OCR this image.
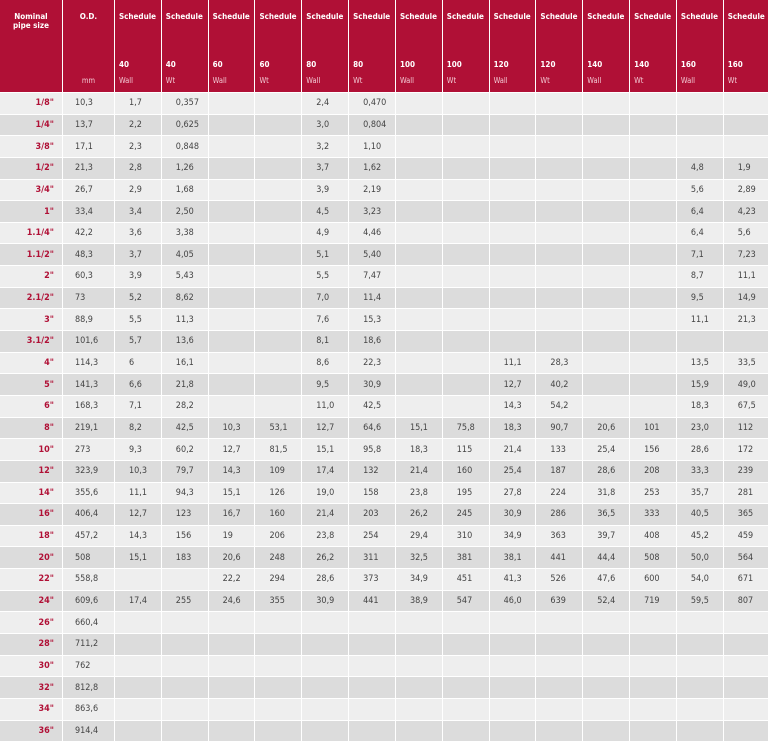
Nominal
pipe size	O.D.	Schedule	Schedule	Schedule	Schedule	Schedule	Schedule	Schedule	Schedule	Schedule	Schedule	Schedule	Schedule	Schedule	Schedule
		40	40	60	60	80	80	100	100	120	120	140	140	160	160
	mm	Wall	Wt	Wall	Wt	Wall	Wt	Wall	Wt	Wall	Wt	Wall	Wt	Wall	Wt
1/8"	10,3	1,7	0,357			2,4	0,470								
1/4"	13,7	2,2	0,625			3,0	0,804								
3/8"	17,1	2,3	0,848			3,2	1,10								
1/2"	21,3	2,8	1,26			3,7	1,62							4,8	1,9
3/4"	26,7	2,9	1,68			3,9	2,19							5,6	2,89
1"	33,4	3,4	2,50			4,5	3,23							6,4	4,23
1.1/4"	42,2	3,6	3,38			4,9	4,46							6,4	5,6
1.1/2"	48,3	3,7	4,05			5,1	5,40							7,1	7,23
2"	60,3	3,9	5,43			5,5	7,47							8,7	11,1
2.1/2"	73	5,2	8,62			7,0	11,4							9,5	14,9
3"	88,9	5,5	11,3			7,6	15,3							11,1	21,3
3.1/2"	101,6	5,7	13,6			8,1	18,6								
4"	114,3	6	16,1			8,6	22,3			11,1	28,3			13,5	33,5
5"	141,3	6,6	21,8			9,5	30,9			12,7	40,2			15,9	49,0
6"	168,3	7,1	28,2			11,0	42,5			14,3	54,2			18,3	67,5
8"	219,1	8,2	42,5	10,3	53,1	12,7	64,6	15,1	75,8	18,3	90,7	20,6	101	23,0	112
10"	273	9,3	60,2	12,7	81,5	15,1	95,8	18,3	115	21,4	133	25,4	156	28,6	172
12"	323,9	10,3	79,7	14,3	109	17,4	132	21,4	160	25,4	187	28,6	208	33,3	239
14"	355,6	11,1	94,3	15,1	126	19,0	158	23,8	195	27,8	224	31,8	253	35,7	281
16"	406,4	12,7	123	16,7	160	21,4	203	26,2	245	30,9	286	36,5	333	40,5	365
18"	457,2	14,3	156	19	206	23,8	254	29,4	310	34,9	363	39,7	408	45,2	459
20"	508	15,1	183	20,6	248	26,2	311	32,5	381	38,1	441	44,4	508	50,0	564
22"	558,8			22,2	294	28,6	373	34,9	451	41,3	526	47,6	600	54,0	671
24"	609,6	17,4	255	24,6	355	30,9	441	38,9	547	46,0	639	52,4	719	59,5	807
26"	660,4														
28"	711,2														
30"	762														
32"	812,8														
34"	863,6														
36"	914,4														
